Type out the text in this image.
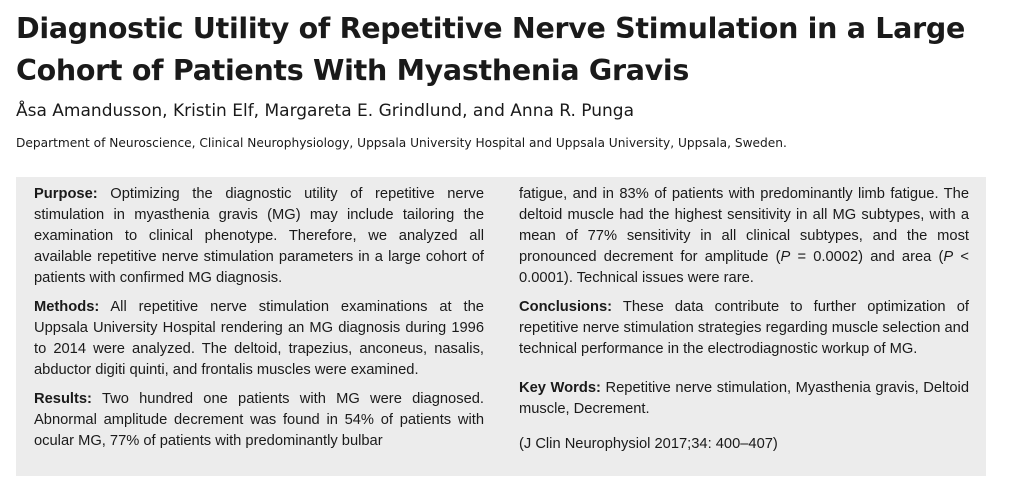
Diagnostic Utility of Repetitive Nerve Stimulation in a Large Cohort of Patients With Myasthenia Gravis
Åsa Amandusson, Kristin Elf, Margareta E. Grindlund, and Anna R. Punga
Department of Neuroscience, Clinical Neurophysiology, Uppsala University Hospital and Uppsala University, Uppsala, Sweden.

Purpose: Optimizing the diagnostic utility of repetitive nerve stimulation in myasthenia gravis (MG) may include tailoring the examination to clinical phenotype. Therefore, we analyzed all available repetitive nerve stimulation parameters in a large cohort of patients with confirmed MG diagnosis.

Methods: All repetitive nerve stimulation examinations at the Uppsala University Hospital rendering an MG diagnosis during 1996 to 2014 were analyzed. The deltoid, trapezius, anconeus, nasalis, abductor digiti quinti, and frontalis muscles were examined.

Results: Two hundred one patients with MG were diagnosed. Abnormal amplitude decrement was found in 54% of patients with ocular MG, 77% of patients with predominantly bulbar

fatigue, and in 83% of patients with predominantly limb fatigue. The deltoid muscle had the highest sensitivity in all MG subtypes, with a mean of 77% sensitivity in all clinical subtypes, and the most pronounced decrement for amplitude (P = 0.0002) and area (P < 0.0001). Technical issues were rare.

Conclusions: These data contribute to further optimization of repetitive nerve stimulation strategies regarding muscle selection and technical performance in the electrodiagnostic workup of MG.

Key Words: Repetitive nerve stimulation, Myasthenia gravis, Deltoid muscle, Decrement.

(J Clin Neurophysiol 2017;34: 400–407)
